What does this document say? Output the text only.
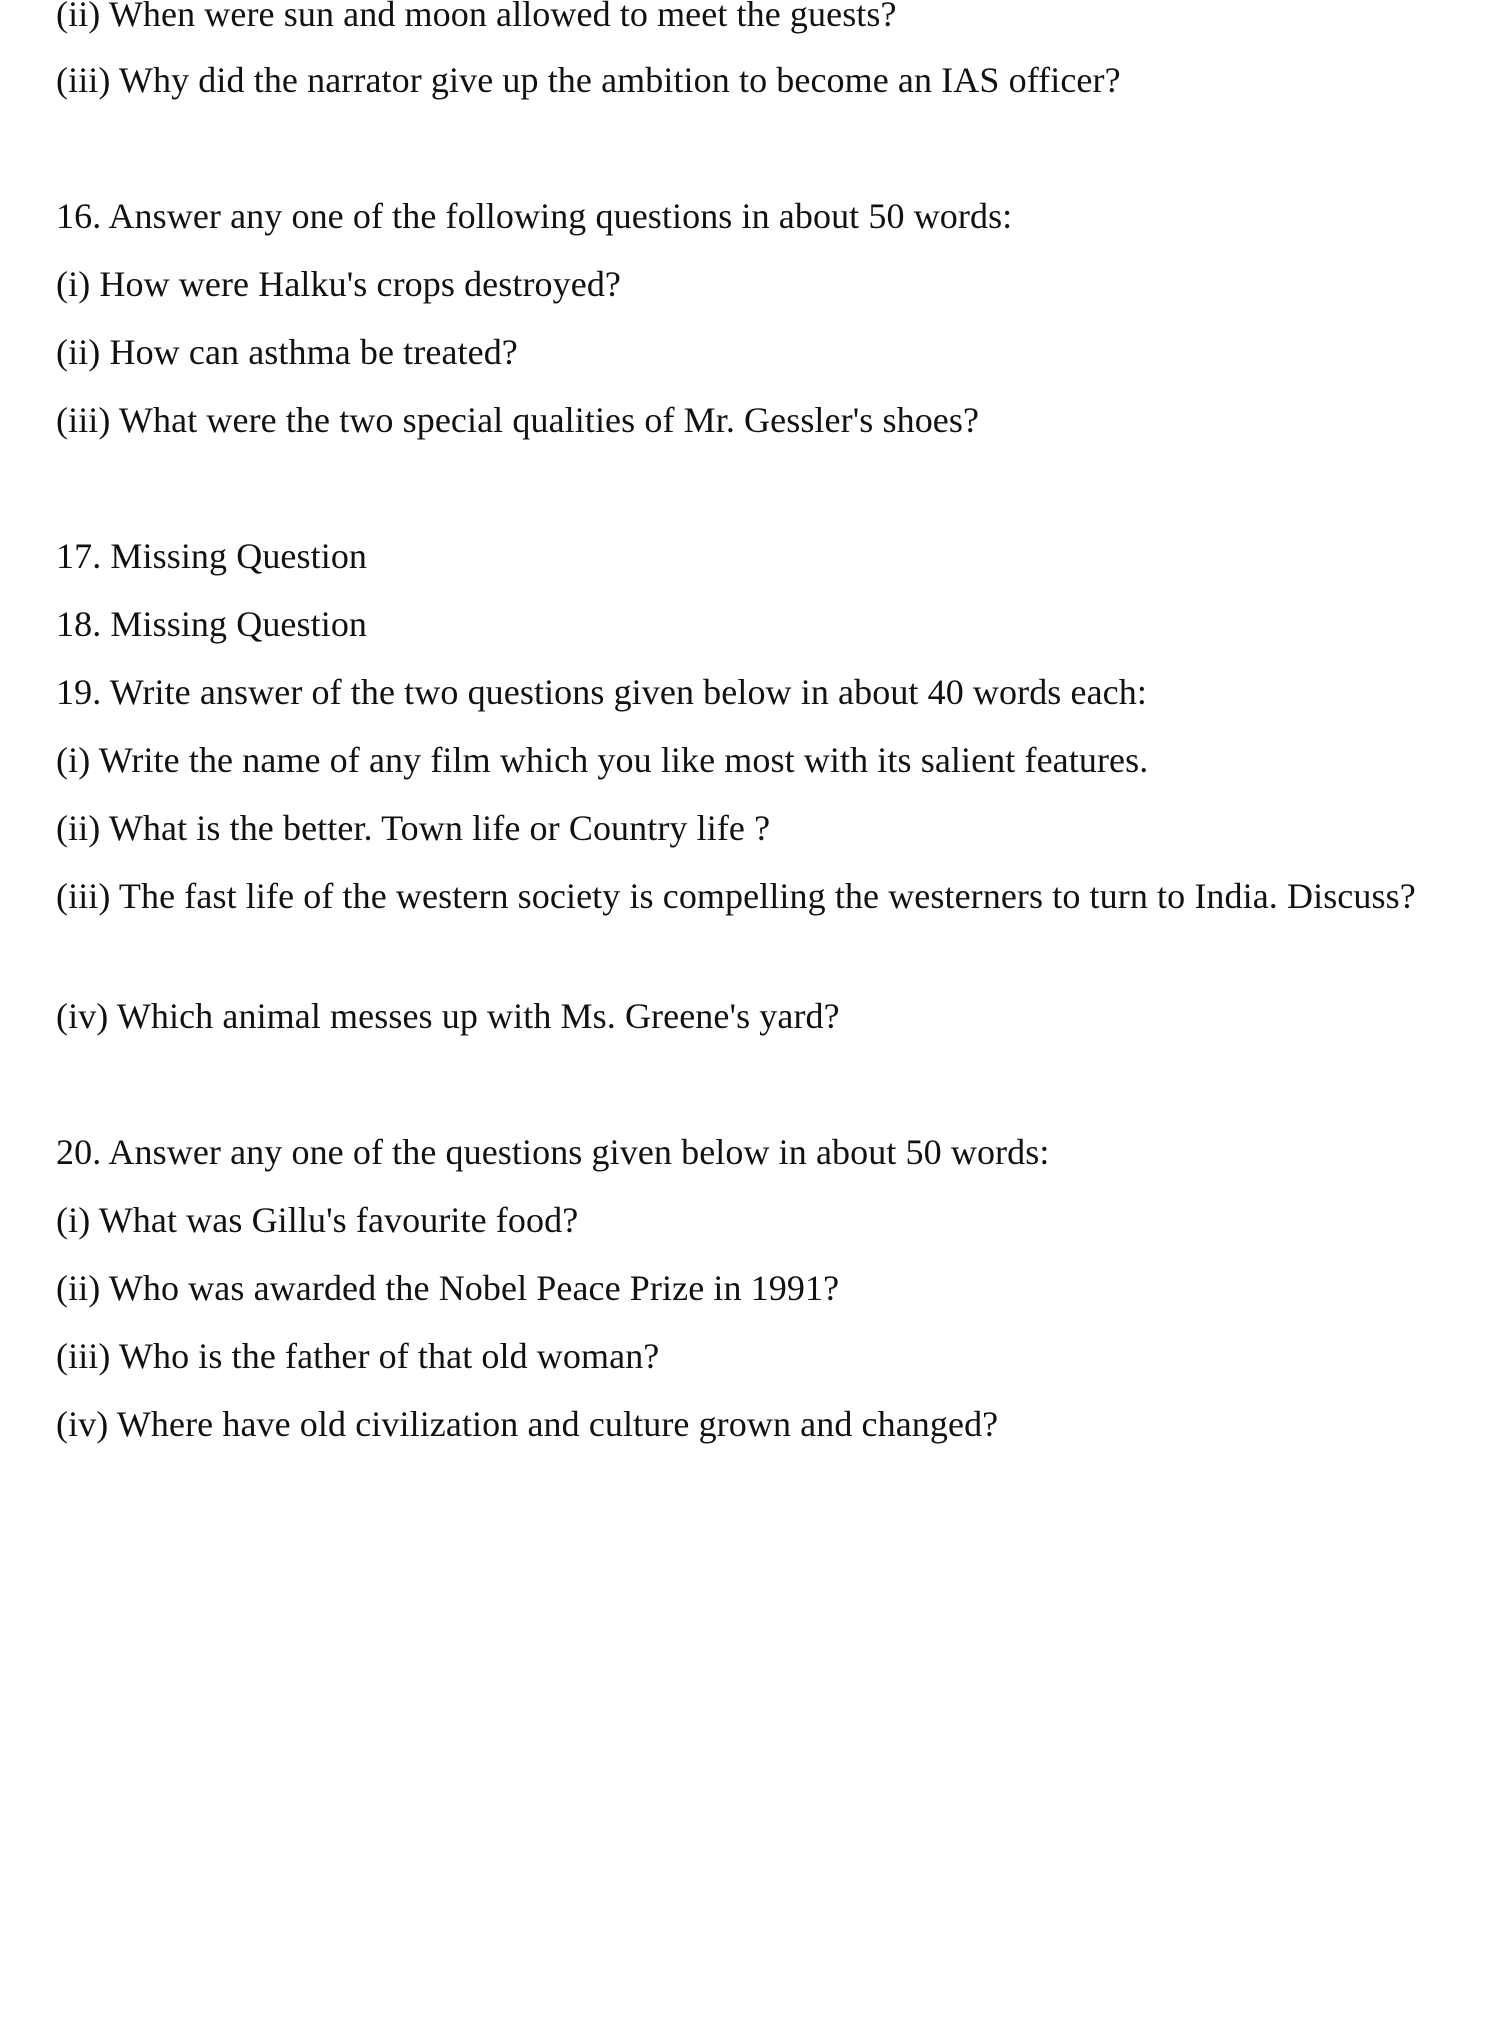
(ii) When were sun and moon allowed to meet the guests?
(iii) Why did the narrator give up the ambition to become an IAS officer?
16. Answer any one of the following questions in about 50 words:
(i) How were Halku's crops destroyed?
(ii) How can asthma be treated?
(iii) What were the two special qualities of Mr. Gessler's shoes?
17. Missing Question
18. Missing Question
19. Write answer of the two questions given below in about 40 words each:
(i) Write the name of any film which you like most with its salient features.
(ii) What is the better. Town life or Country life ?
(iii) The fast life of the western society is compelling the westerners to turn to India. Discuss?
(iv) Which animal messes up with Ms. Greene's yard?
20. Answer any one of the questions given below in about 50 words:
(i) What was Gillu's favourite food?
(ii) Who was awarded the Nobel Peace Prize in 1991?
(iii) Who is the father of that old woman?
(iv) Where have old civilization and culture grown and changed?
